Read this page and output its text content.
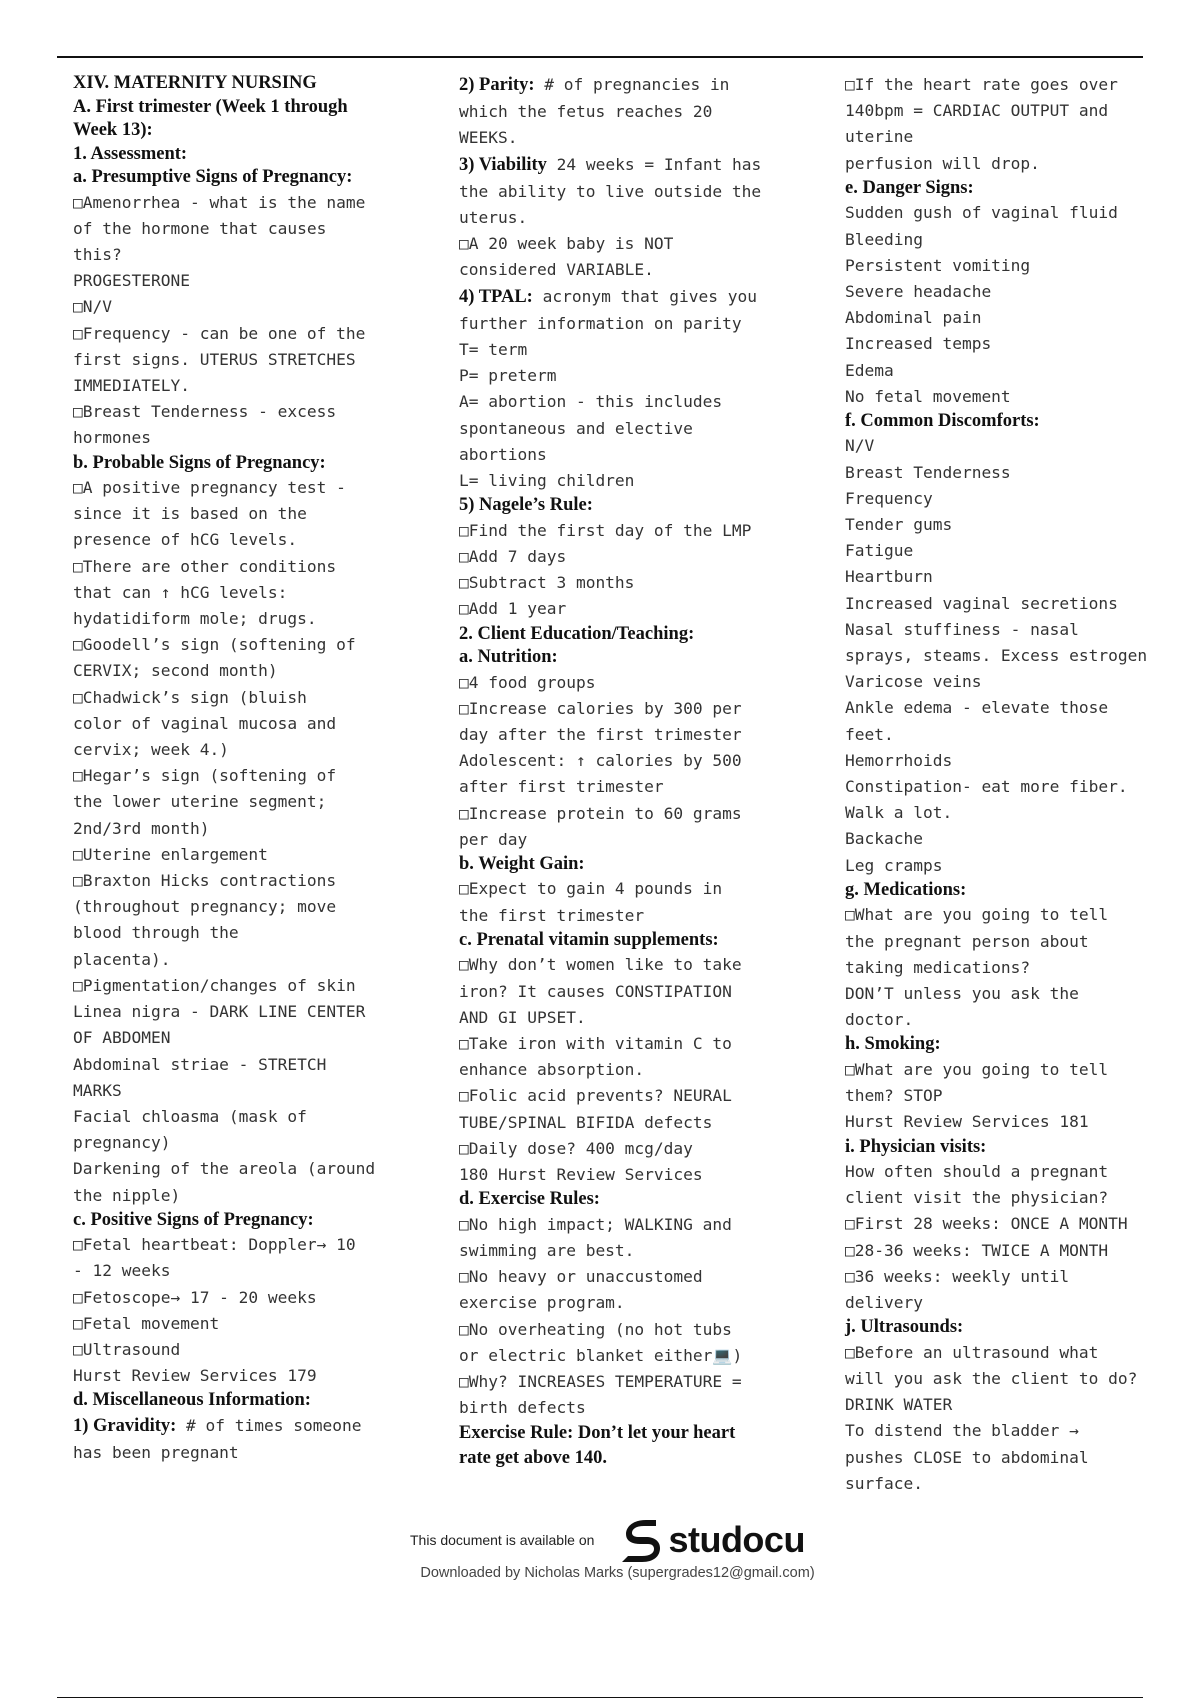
XIV. MATERNITY NURSING
A. First trimester (Week 1 through
Week 13):
1. Assessment:
a. Presumptive Signs of Pregnancy:
□Amenorrhea - what is the name
of the hormone that causes
this?
PROGESTERONE
□N/V
□Frequency - can be one of the
first signs. UTERUS STRETCHES
IMMEDIATELY.
□Breast Tenderness - excess
hormones
b. Probable Signs of Pregnancy:
□A positive pregnancy test -
since it is based on the
presence of hCG levels.
□There are other conditions
that can ↑ hCG levels:
hydatidiform mole; drugs.
□Goodell’s sign (softening of
CERVIX; second month)
□Chadwick’s sign (bluish
color of vaginal mucosa and
cervix; week 4.)
□Hegar’s sign (softening of
the lower uterine segment;
2nd/3rd month)
□Uterine enlargement
□Braxton Hicks contractions
(throughout pregnancy; move
blood through the
placenta).
□Pigmentation/changes of skin
Linea nigra - DARK LINE CENTER
OF ABDOMEN
Abdominal striae - STRETCH
MARKS
Facial chloasma (mask of
pregnancy)
Darkening of the areola (around
the nipple)
c. Positive Signs of Pregnancy:
□Fetal heartbeat: Doppler→ 10
- 12 weeks
□Fetoscope→ 17 - 20 weeks
□Fetal movement
□Ultrasound
Hurst Review Services 179
d. Miscellaneous Information:
1) Gravidity: # of times someone
has been pregnant
2) Parity: # of pregnancies in
which the fetus reaches 20
WEEKS.
3) Viability 24 weeks = Infant has
the ability to live outside the
uterus.
□A 20 week baby is NOT
considered VARIABLE.
4) TPAL: acronym that gives you
further information on parity
T= term
P= preterm
A= abortion - this includes
spontaneous and elective
abortions
L= living children
5) Nagele’s Rule:
□Find the first day of the LMP
□Add 7 days
□Subtract 3 months
□Add 1 year
2. Client Education/Teaching:
a. Nutrition:
□4 food groups
□Increase calories by 300 per
day after the first trimester
Adolescent: ↑ calories by 500
after first trimester
□Increase protein to 60 grams
per day
b. Weight Gain:
□Expect to gain 4 pounds in
the first trimester
c. Prenatal vitamin supplements:
□Why don’t women like to take
iron? It causes CONSTIPATION
AND GI UPSET.
□Take iron with vitamin C to
enhance absorption.
□Folic acid prevents? NEURAL
TUBE/SPINAL BIFIDA defects
□Daily dose? 400 mcg/day
180 Hurst Review Services
d. Exercise Rules:
□No high impact; WALKING and
swimming are best.
□No heavy or unaccustomed
exercise program.
□No overheating (no hot tubs
or electric blanket either💻)
□Why? INCREASES TEMPERATURE =
birth defects
Exercise Rule: Don’t let your heart
rate get above 140.
□If the heart rate goes over
140bpm = CARDIAC OUTPUT and
uterine
perfusion will drop.
e. Danger Signs:
Sudden gush of vaginal fluid
Bleeding
Persistent vomiting
Severe headache
Abdominal pain
Increased temps
Edema
No fetal movement
f. Common Discomforts:
N/V
Breast Tenderness
Frequency
Tender gums
Fatigue
Heartburn
Increased vaginal secretions
Nasal stuffiness - nasal
sprays, steams. Excess estrogen
Varicose veins
Ankle edema - elevate those
feet.
Hemorrhoids
Constipation- eat more fiber.
Walk a lot.
Backache
Leg cramps
g. Medications:
□What are you going to tell
the pregnant person about
taking medications?
DON’T unless you ask the
doctor.
h. Smoking:
□What are you going to tell
them? STOP
Hurst Review Services 181
i. Physician visits:
How often should a pregnant
client visit the physician?
□First 28 weeks: ONCE A MONTH
□28-36 weeks: TWICE A MONTH
□36 weeks: weekly until
delivery
j. Ultrasounds:
□Before an ultrasound what
will you ask the client to do?
DRINK WATER
To distend the bladder →
pushes CLOSE to abdominal
surface.
This document is available on studocu
Downloaded by Nicholas Marks (supergrades12@gmail.com)
